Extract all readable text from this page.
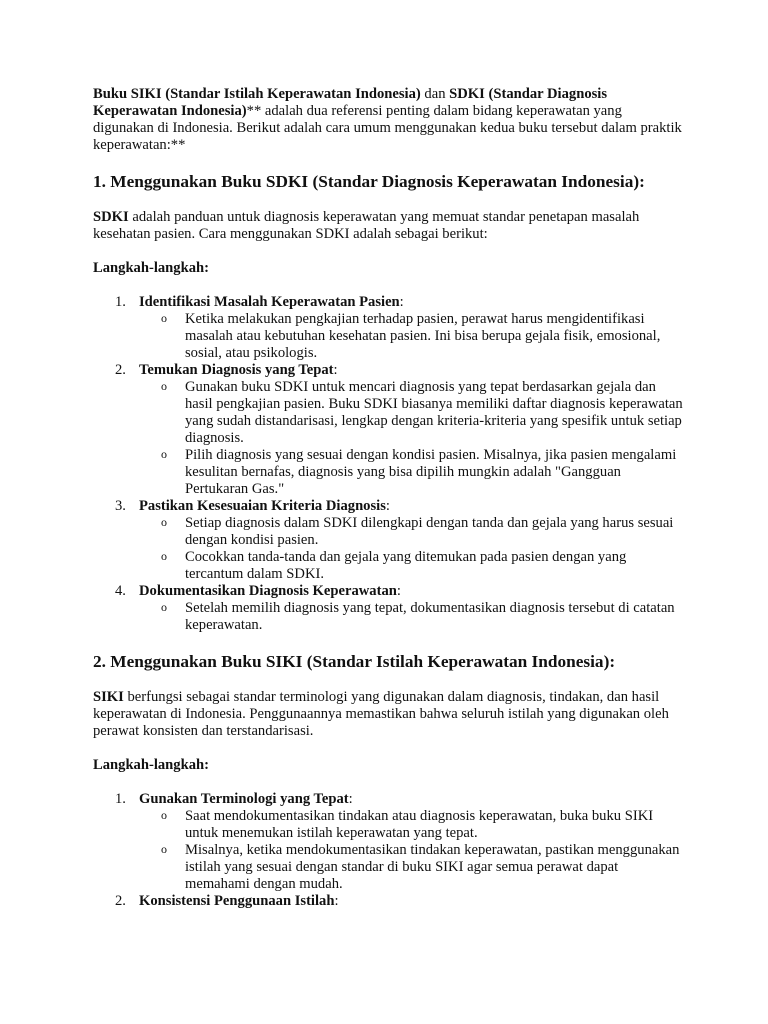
Buku SIKI (Standar Istilah Keperawatan Indonesia) dan SDKI (Standar Diagnosis Keperawatan Indonesia)** adalah dua referensi penting dalam bidang keperawatan yang digunakan di Indonesia. Berikut adalah cara umum menggunakan kedua buku tersebut dalam praktik keperawatan:**

1. Menggunakan Buku SDKI (Standar Diagnosis Keperawatan Indonesia):

SDKI adalah panduan untuk diagnosis keperawatan yang memuat standar penetapan masalah kesehatan pasien. Cara menggunakan SDKI adalah sebagai berikut:

Langkah-langkah:

1. Identifikasi Masalah Keperawatan Pasien:
o Ketika melakukan pengkajian terhadap pasien, perawat harus mengidentifikasi masalah atau kebutuhan kesehatan pasien. Ini bisa berupa gejala fisik, emosional, sosial, atau psikologis.
2. Temukan Diagnosis yang Tepat:
o Gunakan buku SDKI untuk mencari diagnosis yang tepat berdasarkan gejala dan hasil pengkajian pasien. Buku SDKI biasanya memiliki daftar diagnosis keperawatan yang sudah distandarisasi, lengkap dengan kriteria-kriteria yang spesifik untuk setiap diagnosis.
o Pilih diagnosis yang sesuai dengan kondisi pasien. Misalnya, jika pasien mengalami kesulitan bernafas, diagnosis yang bisa dipilih mungkin adalah "Gangguan Pertukaran Gas."
3. Pastikan Kesesuaian Kriteria Diagnosis:
o Setiap diagnosis dalam SDKI dilengkapi dengan tanda dan gejala yang harus sesuai dengan kondisi pasien.
o Cocokkan tanda-tanda dan gejala yang ditemukan pada pasien dengan yang tercantum dalam SDKI.
4. Dokumentasikan Diagnosis Keperawatan:
o Setelah memilih diagnosis yang tepat, dokumentasikan diagnosis tersebut di catatan keperawatan.
2. Menggunakan Buku SIKI (Standar Istilah Keperawatan Indonesia):

SIKI berfungsi sebagai standar terminologi yang digunakan dalam diagnosis, tindakan, dan hasil keperawatan di Indonesia. Penggunaannya memastikan bahwa seluruh istilah yang digunakan oleh perawat konsisten dan terstandarisasi.

Langkah-langkah:

1. Gunakan Terminologi yang Tepat:
o Saat mendokumentasikan tindakan atau diagnosis keperawatan, buka buku SIKI untuk menemukan istilah keperawatan yang tepat.
o Misalnya, ketika mendokumentasikan tindakan keperawatan, pastikan menggunakan istilah yang sesuai dengan standar di buku SIKI agar semua perawat dapat memahami dengan mudah.
2. Konsistensi Penggunaan Istilah:
